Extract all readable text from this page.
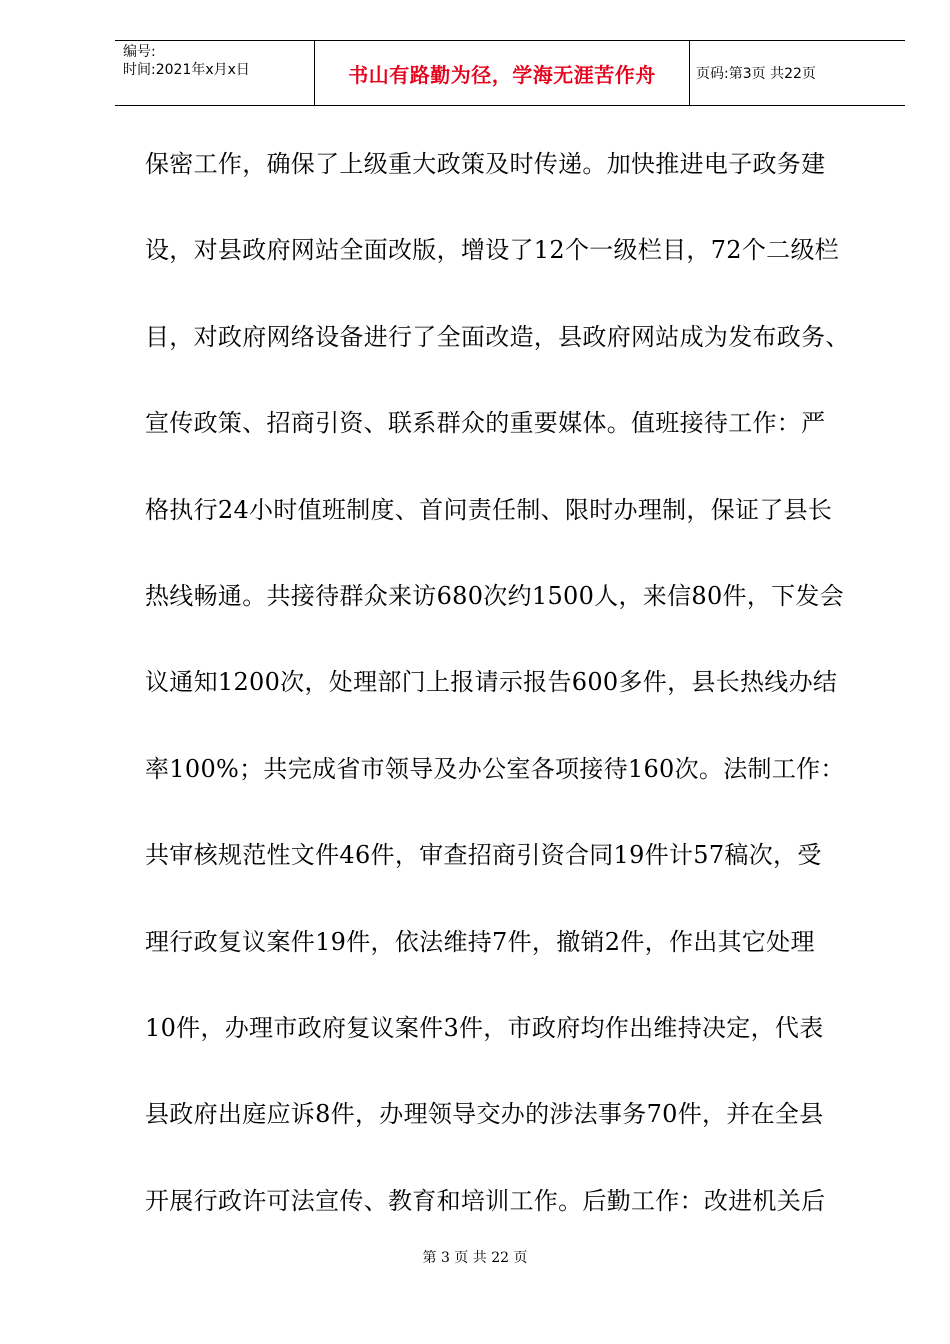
编号:
时间:2021年x月x日	书山有路勤为径，学海无涯苦作舟	页码:第3页 共22页
保密工作，确保了上级重大政策及时传递。加快推进电子政务建
设，对县政府网站全面改版，增设了12个一级栏目，72个二级栏
目，对政府网络设备进行了全面改造，县政府网站成为发布政务、
宣传政策、招商引资、联系群众的重要媒体。值班接待工作：严
格执行24小时值班制度、首问责任制、限时办理制，保证了县长
热线畅通。共接待群众来访680次约1500人，来信80件，下发会
议通知1200次，处理部门上报请示报告600多件，县长热线办结
率100%；共完成省市领导及办公室各项接待160次。法制工作：
共审核规范性文件46件，审查招商引资合同19件计57稿次，受
理行政复议案件19件，依法维持7件，撤销2件，作出其它处理
10件，办理市政府复议案件3件，市政府均作出维持决定，代表
县政府出庭应诉8件，办理领导交办的涉法事务70件，并在全县
开展行政许可法宣传、教育和培训工作。后勤工作：改进机关后
第 3 页 共 22 页
